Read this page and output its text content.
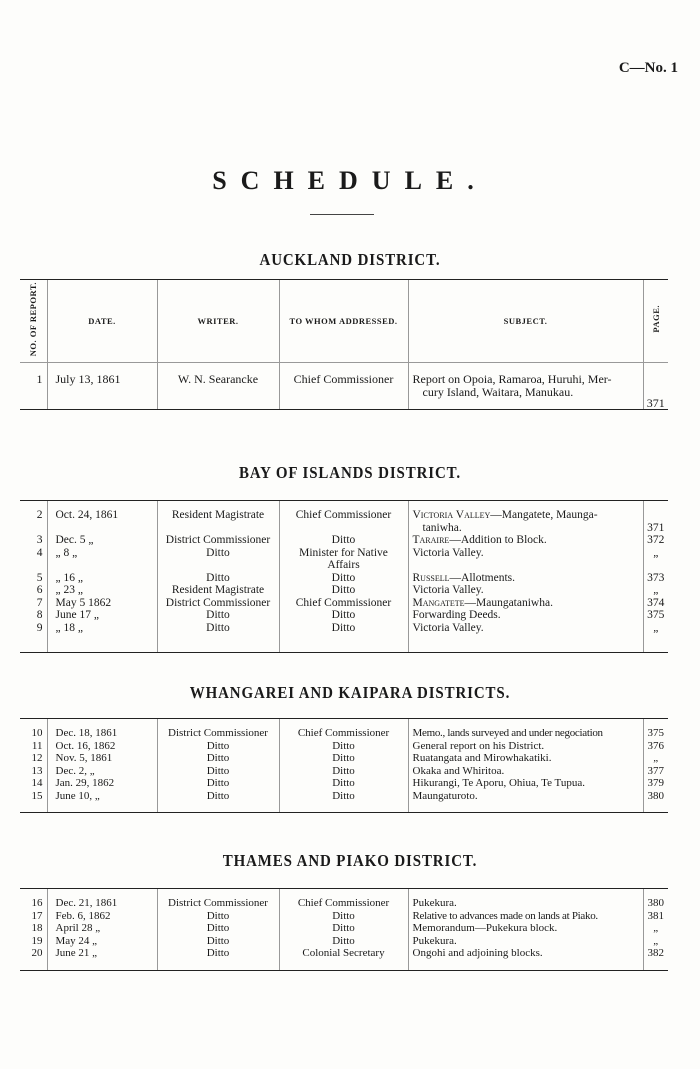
C—No. 1
SCHEDULE.
AUCKLAND DISTRICT.
NO. OF REPORT.	DATE.	WRITER.	TO WHOM ADDRESSED.	SUBJECT.	PAGE.
1	July 13, 1861	W. N. Searancke	Chief Commissioner	Report on Opoia, Ramaroa, Huruhi, Mer-
cury Island, Waitara, Manukau.	371
BAY OF ISLANDS DISTRICT.

2	Oct. 24, 1861	Resident Magistrate	Chief Commissioner	Victoria Valley—Mangatete, Maunga-
taniwha.	371
3	Dec. 5 „	District Commissioner	Ditto	Taraire—Addition to Block.	372
4	„ 8 „	Ditto	Minister for Native
Affairs	Victoria Valley.	„
5	„ 16 „	Ditto	Ditto	Russell—Allotments.	373
6	„ 23 „	Resident Magistrate	Ditto	Victoria Valley.	„
7	May 5 1862	District Commissioner	Chief Commissioner	Mangatete—Maungataniwha.	374
8	June 17 „	Ditto	Ditto	Forwarding Deeds.	375
9	„ 18 „	Ditto	Ditto	Victoria Valley.	„

WHANGAREI AND KAIPARA DISTRICTS.

10	Dec. 18, 1861	District Commissioner	Chief Commissioner	Memo., lands surveyed and under negociation	375
11	Oct. 16, 1862	Ditto	Ditto	General report on his District.	376
12	Nov. 5, 1861	Ditto	Ditto	Ruatangata and Mirowhakatiki.	„
13	Dec. 2, „	Ditto	Ditto	Okaka and Whiritoa.	377
14	Jan. 29, 1862	Ditto	Ditto	Hikurangi, Te Aporu, Ohiua, Te Tupua.	379
15	June 10, „	Ditto	Ditto	Maungaturoto.	380

THAMES AND PIAKO DISTRICT.

16	Dec. 21, 1861	District Commissioner	Chief Commissioner	Pukekura.	380
17	Feb. 6, 1862	Ditto	Ditto	Relative to advances made on lands at Piako.	381
18	April 28 „	Ditto	Ditto	Memorandum—Pukekura block.	„
19	May 24 „	Ditto	Ditto	Pukekura.	„
20	June 21 „	Ditto	Colonial Secretary	Ongohi and adjoining blocks.	382
